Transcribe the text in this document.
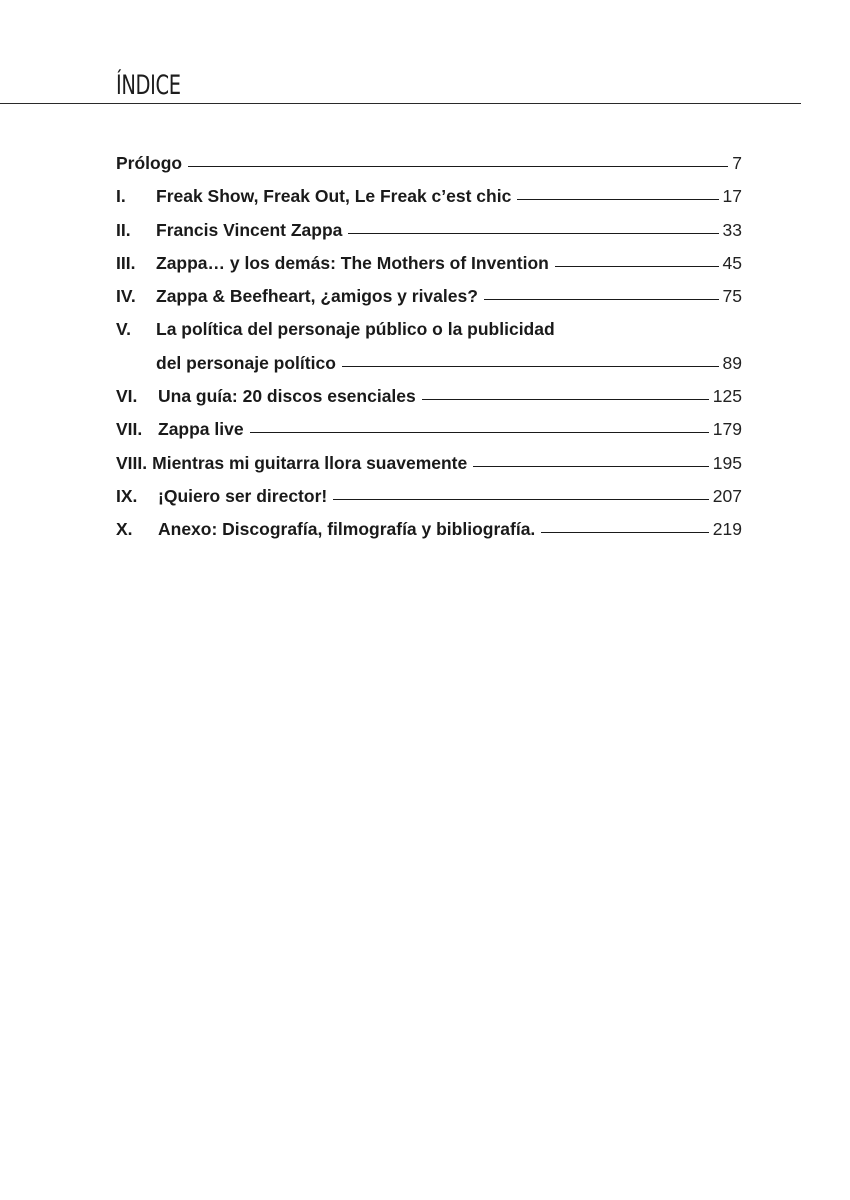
ÍNDICE
Prólogo	7
I.	Freak Show, Freak Out, Le Freak c’est chic	17
II.	Francis Vincent Zappa	33
III.	Zappa… y los demás: The Mothers of Invention	45
IV.	Zappa & Beefheart, ¿amigos y rivales?	75
V.	La política del personaje público o la publicidad
del personaje político	89
VI.	Una guía: 20 discos esenciales	125
VII. Zappa live	179
VIII. Mientras mi guitarra llora suavemente	195
IX.	¡Quiero ser director!	207
X.	Anexo: Discografía, filmografía y bibliografía.	219
